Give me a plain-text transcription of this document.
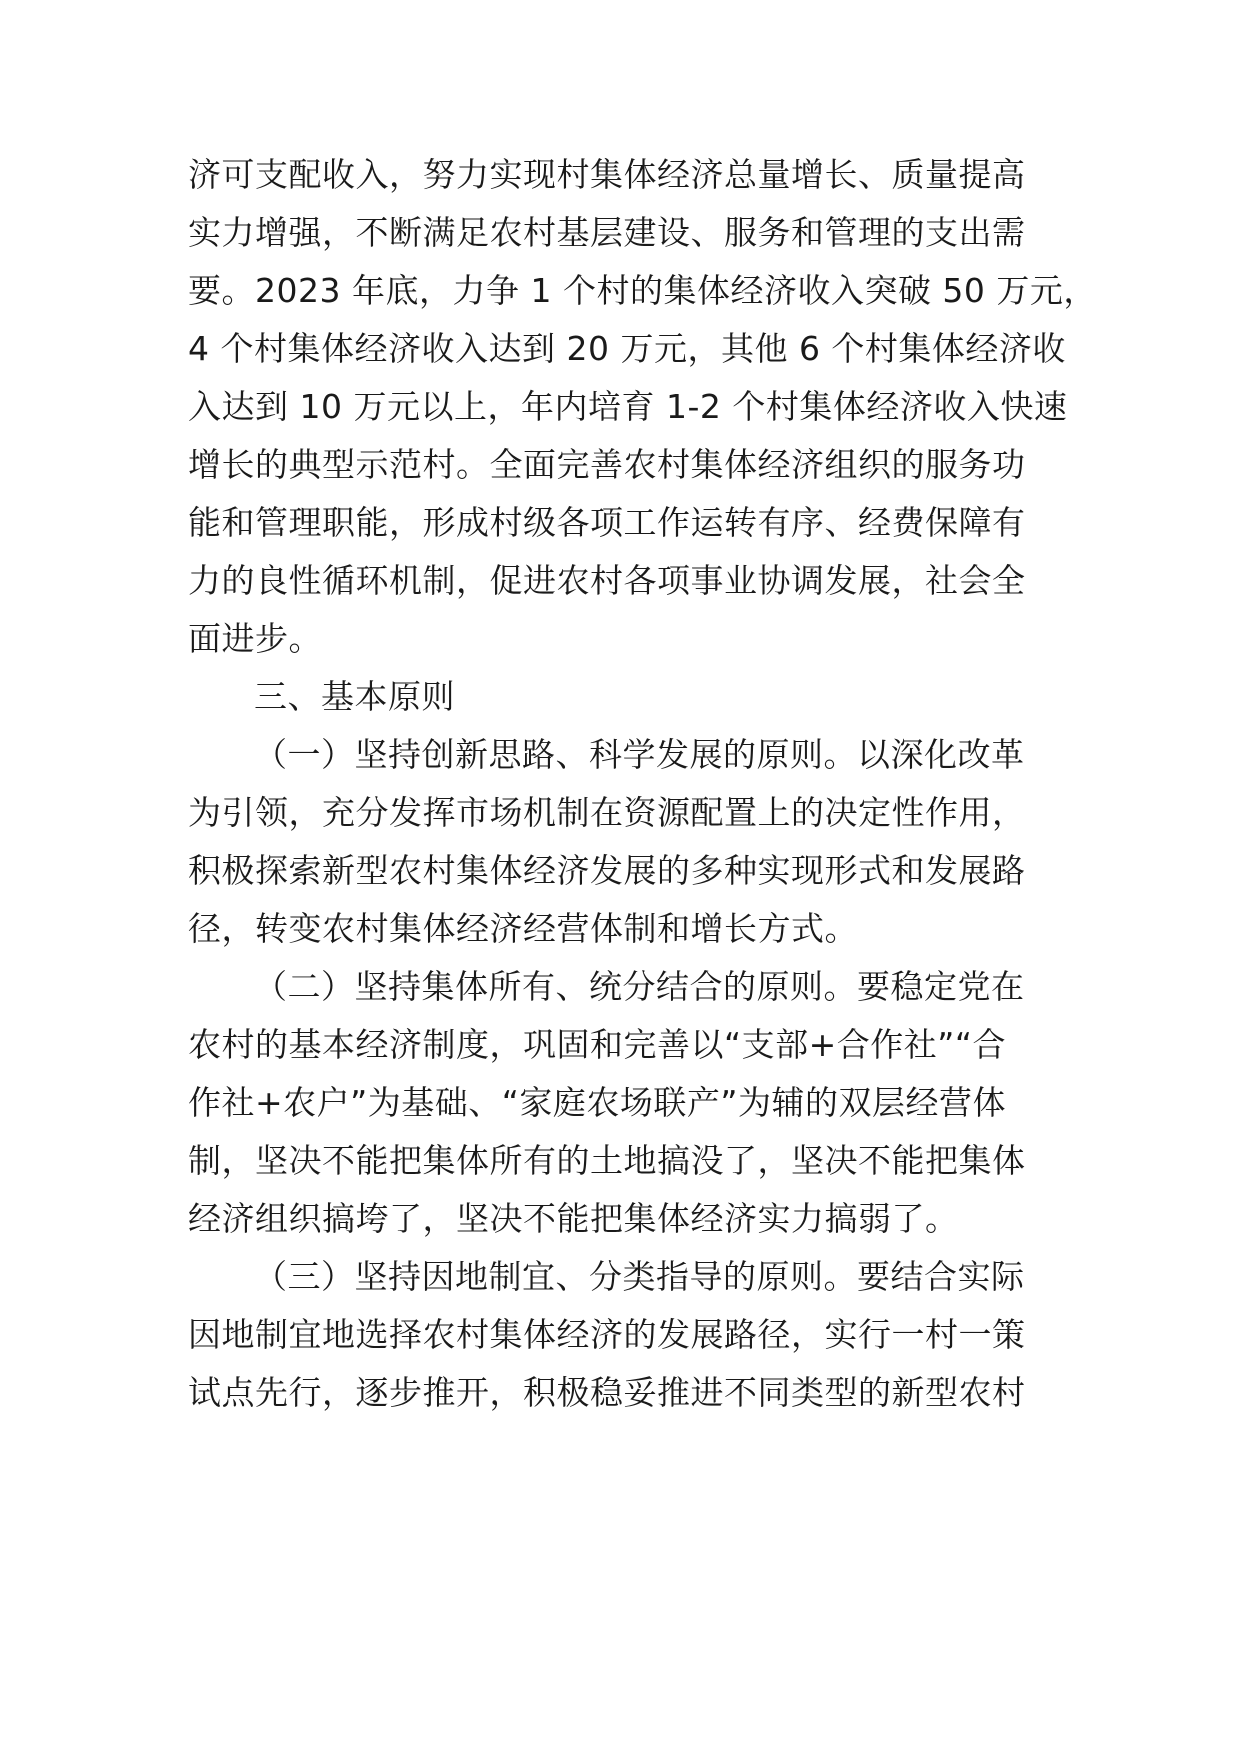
济可支配收入，努力实现村集体经济总量增长、质量提高
实力增强，不断满足农村基层建设、服务和管理的支出需
要。2023 年底，力争 1 个村的集体经济收入突破 50 万元，
4 个村集体经济收入达到 20 万元，其他 6 个村集体经济收
入达到 10 万元以上，年内培育 1-2 个村集体经济收入快速
增长的典型示范村。全面完善农村集体经济组织的服务功
能和管理职能，形成村级各项工作运转有序、经费保障有
力的良性循环机制，促进农村各项事业协调发展，社会全
面进步。
三、基本原则
（一）坚持创新思路、科学发展的原则。以深化改革
为引领，充分发挥市场机制在资源配置上的决定性作用，
积极探索新型农村集体经济发展的多种实现形式和发展路
径，转变农村集体经济经营体制和增长方式。
（二）坚持集体所有、统分结合的原则。要稳定党在
农村的基本经济制度，巩固和完善以“支部+合作社”“合
作社+农户”为基础、“家庭农场联产”为辅的双层经营体
制，坚决不能把集体所有的土地搞没了，坚决不能把集体
经济组织搞垮了，坚决不能把集体经济实力搞弱了。
（三）坚持因地制宜、分类指导的原则。要结合实际
因地制宜地选择农村集体经济的发展路径，实行一村一策
试点先行，逐步推开，积极稳妥推进不同类型的新型农村
